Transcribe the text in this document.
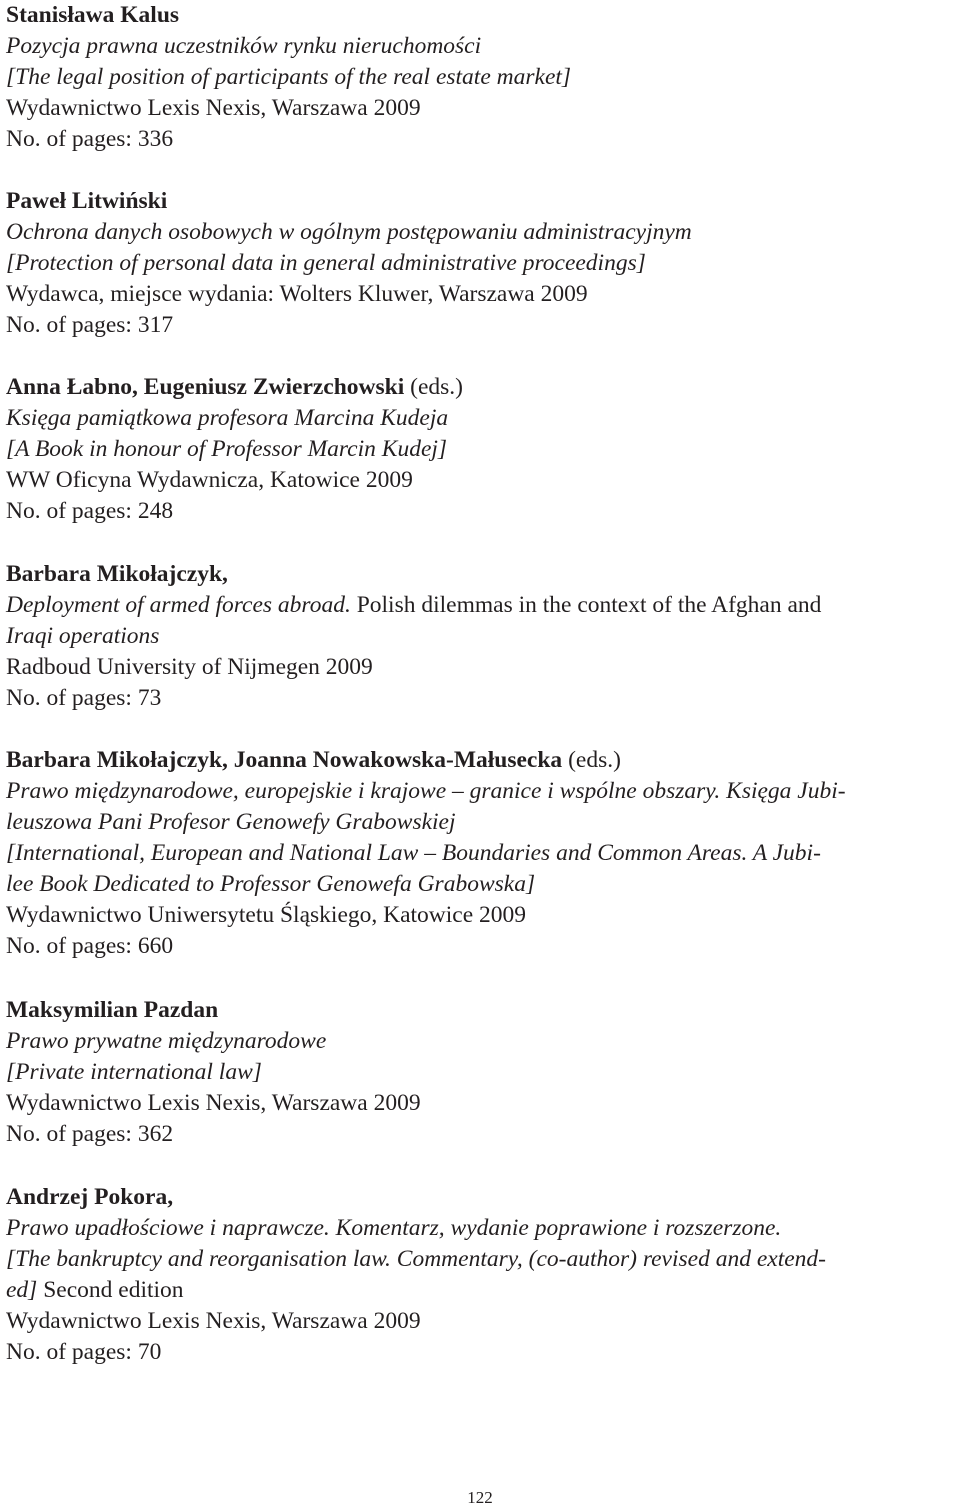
Stanisława Kalus
Pozycja prawna uczestników rynku nieruchomości
[The legal position of participants of the real estate market]
Wydawnictwo Lexis Nexis, Warszawa 2009
No. of pages: 336
Paweł Litwiński
Ochrona danych osobowych w ogólnym postępowaniu administracyjnym
[Protection of personal data in general administrative proceedings]
Wydawca, miejsce wydania: Wolters Kluwer, Warszawa 2009
No. of pages: 317
Anna Łabno, Eugeniusz Zwierzchowski (eds.)
Księga pamiątkowa profesora Marcina Kudeja
[A Book in honour of Professor Marcin Kudej]
WW Oficyna Wydawnicza, Katowice 2009
No. of pages: 248
Barbara Mikołajczyk,
Deployment of armed forces abroad. Polish dilemmas in the context of the Afghan and
Iraqi operations
Radboud University of Nijmegen 2009
No. of pages: 73
Barbara Mikołajczyk, Joanna Nowakowska-Małusecka (eds.)
Prawo międzynarodowe, europejskie i krajowe – granice i wspólne obszary. Księga Jubi-
leuszowa Pani Profesor Genowefy Grabowskiej
[International, European and National Law – Boundaries and Common Areas. A Jubi-
lee Book Dedicated to Professor Genowefa Grabowska]
Wydawnictwo Uniwersytetu Śląskiego, Katowice 2009
No. of pages: 660
Maksymilian Pazdan
Prawo prywatne międzynarodowe
[Private international law]
Wydawnictwo Lexis Nexis, Warszawa 2009
No. of pages: 362
Andrzej Pokora,
Prawo upadłościowe i naprawcze. Komentarz, wydanie poprawione i rozszerzone.
[The bankruptcy and reorganisation law. Commentary, (co-author) revised and extend-
ed] Second edition
Wydawnictwo Lexis Nexis, Warszawa 2009
No. of pages: 70
122
